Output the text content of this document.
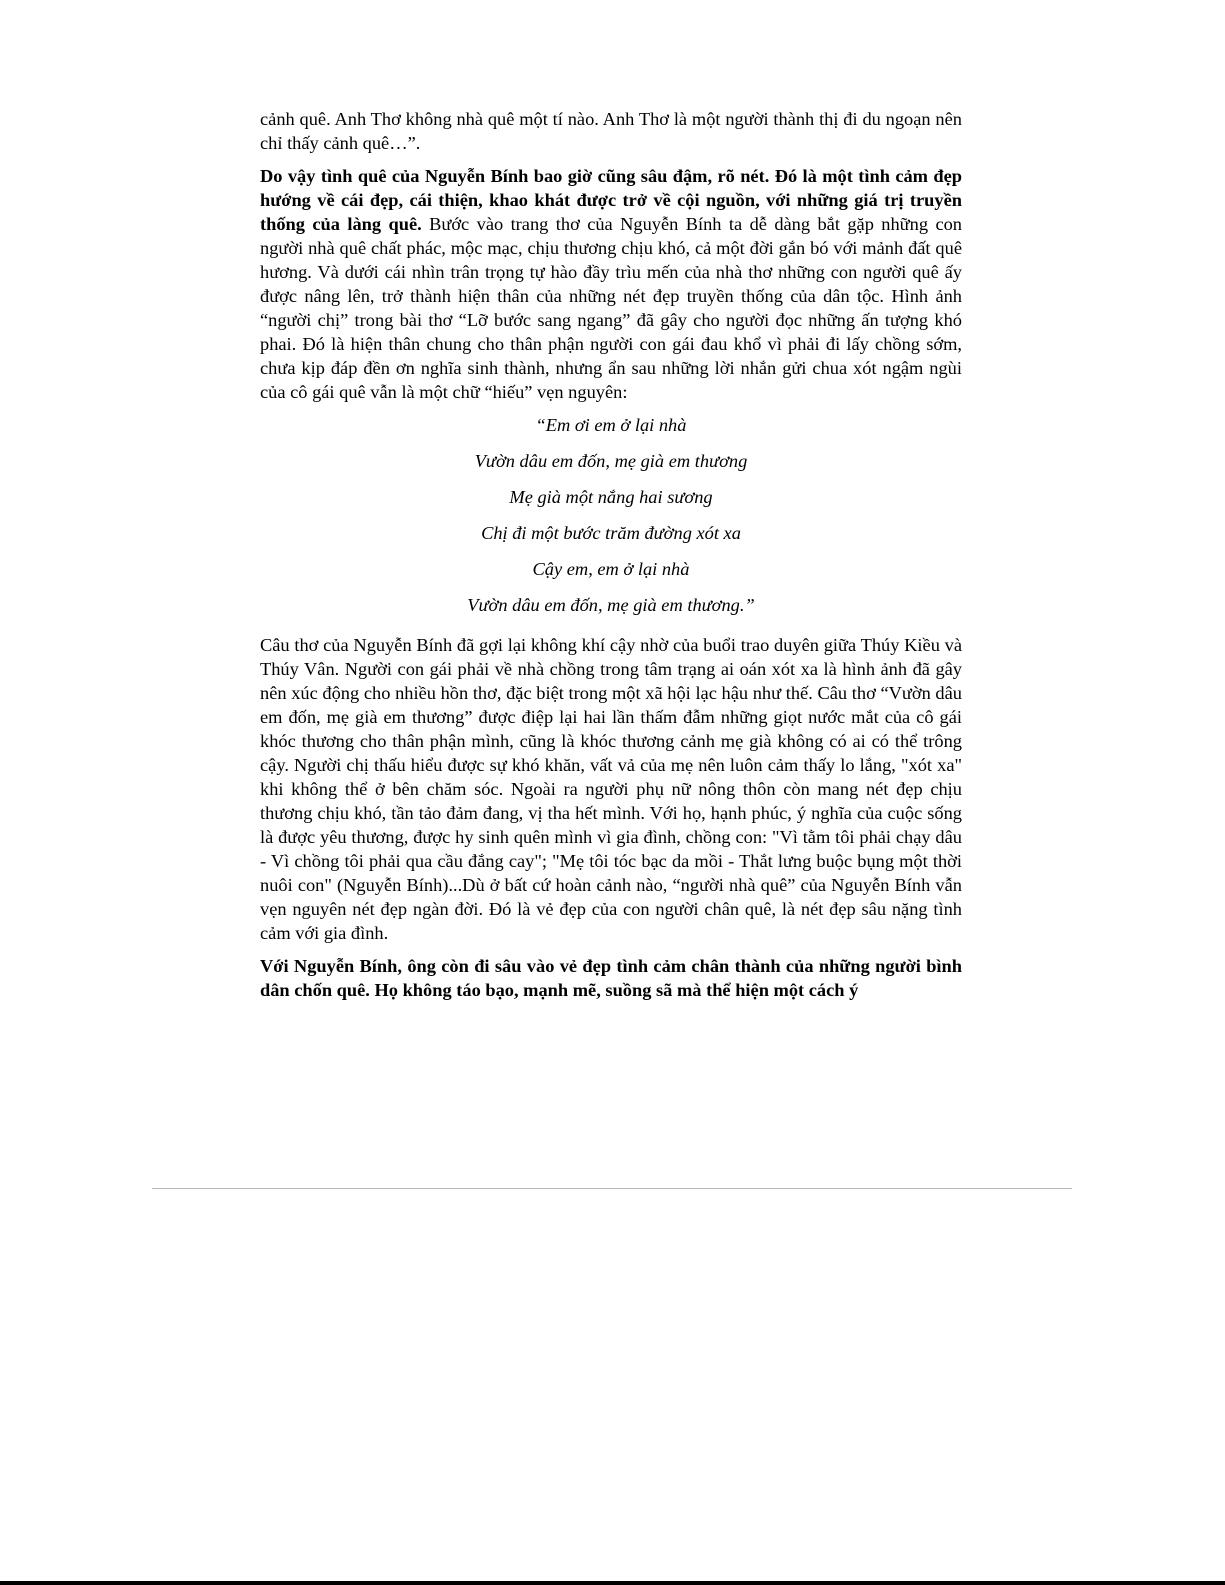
cảnh quê. Anh Thơ không nhà quê một tí nào. Anh Thơ là một người thành thị đi du ngoạn nên chỉ thấy cảnh quê…”.

Do vậy tình quê của Nguyễn Bính bao giờ cũng sâu đậm, rõ nét. Đó là một tình cảm đẹp hướng về cái đẹp, cái thiện, khao khát được trở về cội nguồn, với những giá trị truyền thống của làng quê. Bước vào trang thơ của Nguyễn Bính ta dễ dàng bắt gặp những con người nhà quê chất phác, mộc mạc, chịu thương chịu khó, cả một đời gắn bó với mảnh đất quê hương. Và dưới cái nhìn trân trọng tự hào đầy trìu mến của nhà thơ những con người quê ấy được nâng lên, trở thành hiện thân của những nét đẹp truyền thống của dân tộc. Hình ảnh “người chị” trong bài thơ “Lỡ bước sang ngang” đã gây cho người đọc những ấn tượng khó phai. Đó là hiện thân chung cho thân phận người con gái đau khổ vì phải đi lấy chồng sớm, chưa kịp đáp đền ơn nghĩa sinh thành, nhưng ẩn sau những lời nhắn gửi chua xót ngậm ngùi của cô gái quê vẫn là một chữ “hiếu” vẹn nguyên:

“Em ơi em ở lại nhà
Vườn dâu em đốn, mẹ già em thương
Mẹ già một nắng hai sương
Chị đi một bước trăm đường xót xa
Cậy em, em ở lại nhà
Vườn dâu em đốn, mẹ già em thương.”

Câu thơ của Nguyễn Bính đã gợi lại không khí cậy nhờ của buổi trao duyên giữa Thúy Kiều và Thúy Vân. Người con gái phải về nhà chồng trong tâm trạng ai oán xót xa là hình ảnh đã gây nên xúc động cho nhiều hồn thơ, đặc biệt trong một xã hội lạc hậu như thế. Câu thơ “Vườn dâu em đốn, mẹ già em thương” được điệp lại hai lần thấm đẫm những giọt nước mắt của cô gái khóc thương cho thân phận mình, cũng là khóc thương cảnh mẹ già không có ai có thể trông cậy. Người chị thấu hiểu được sự khó khăn, vất vả của mẹ nên luôn cảm thấy lo lắng, "xót xa" khi không thể ở bên chăm sóc. Ngoài ra người phụ nữ nông thôn còn mang nét đẹp chịu thương chịu khó, tần tảo đảm đang, vị tha hết mình. Với họ, hạnh phúc, ý nghĩa của cuộc sống là được yêu thương, được hy sinh quên mình vì gia đình, chồng con: "Vì tằm tôi phải chạy dâu - Vì chồng tôi phải qua cầu đắng cay"; "Mẹ tôi tóc bạc da mồi - Thắt lưng buộc bụng một thời nuôi con" (Nguyễn Bính)...Dù ở bất cứ hoàn cảnh nào, “người nhà quê” của Nguyễn Bính vẫn vẹn nguyên nét đẹp ngàn đời. Đó là vẻ đẹp của con người chân quê, là nét đẹp sâu nặng tình cảm với gia đình.

Với Nguyễn Bính, ông còn đi sâu vào vẻ đẹp tình cảm chân thành của những người bình dân chốn quê. Họ không táo bạo, mạnh mẽ, suồng sã mà thể hiện một cách ý
